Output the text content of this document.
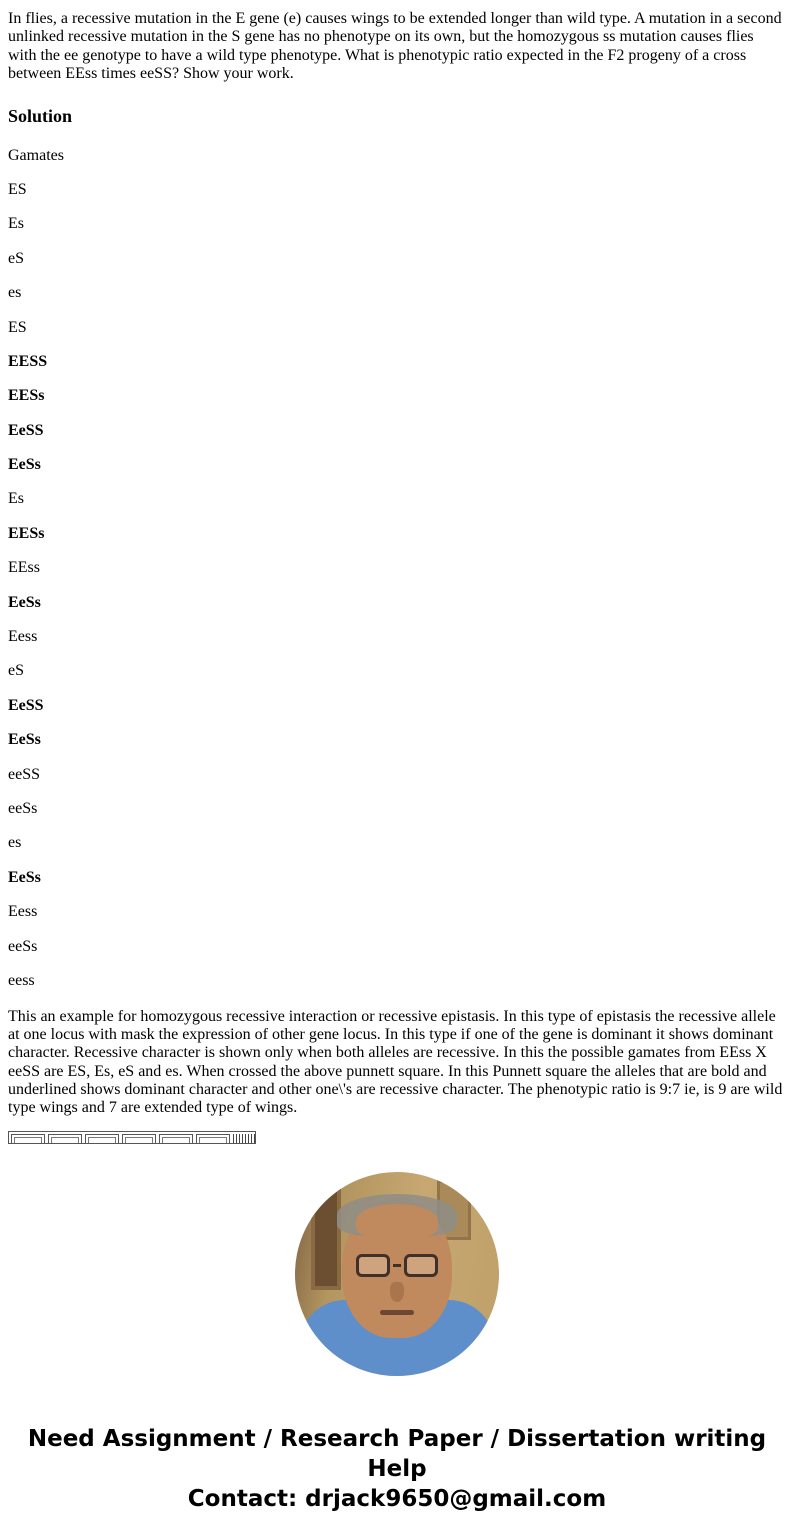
In flies, a recessive mutation in the E gene (e) causes wings to be extended longer than wild type. A mutation in a second unlinked recessive mutation in the S gene has no phenotype on its own, but the homozygous ss mutation causes flies with the ee genotype to have a wild type phenotype. What is phenotypic ratio expected in the F2 progeny of a cross between EEss times eeSS? Show your work.

Solution

Gamates

ES

Es

eS

es

ES

EESS

EESs

EeSS

EeSs

Es

EESs

EEss

EeSs

Eess

eS

EeSS

EeSs

eeSS

eeSs

es

EeSs

Eess

eeSs

eess

This an example for homozygous recessive interaction or recessive epistasis. In this type of epistasis the recessive allele at one locus with mask the expression of other gene locus. In this type if one of the gene is dominant it shows dominant character. Recessive character is shown only when both alleles are recessive. In this the possible gamates from EEss X eeSS are ES, Es, eS and es. When crossed the above punnett square. In this Punnett square the alleles that are bold and underlined shows dominant character and other one\'s are recessive character. The phenotypic ratio is 9:7 ie, is 9 are wild type wings and 7 are extended type of wings.

Need Assignment / Research Paper / Dissertation writing Help
Contact: drjack9650@gmail.com
